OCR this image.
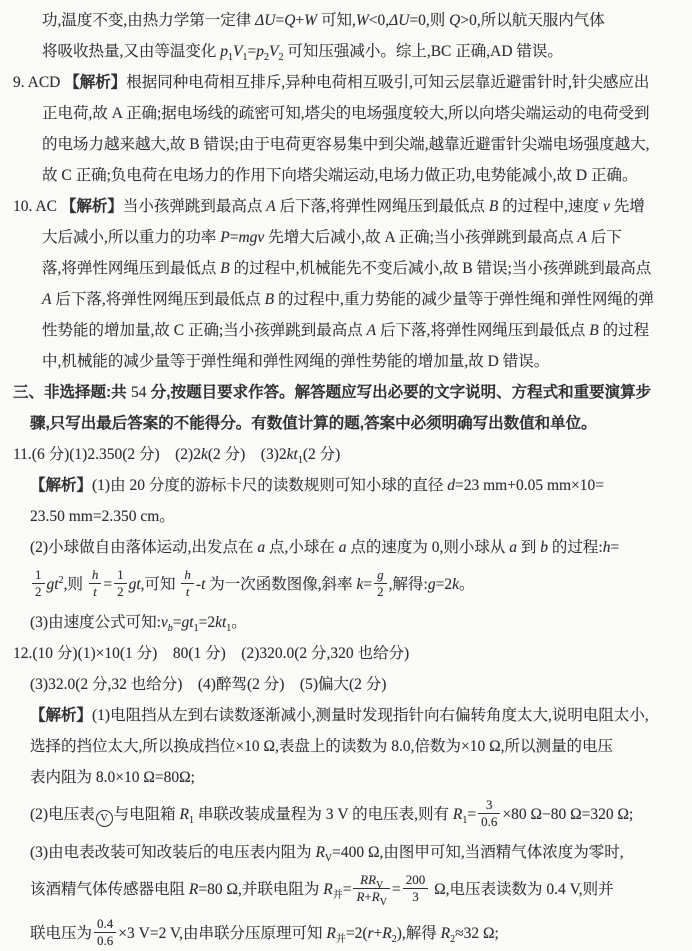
功,温度不变,由热力学第一定律 ΔU=Q+W 可知,W<0,ΔU=0,则 Q>0,所以航天服内气体
将吸收热量,又由等温变化 $p_1V_1=p_2V_2$ 可知压强减小。综上,BC 正确,AD 错误。
9. ACD 【解析】根据同种电荷相互排斥,异种电荷相互吸引,可知云层靠近避雷针时,针尖感应出
正电荷,故 A 正确;据电场线的疏密可知,塔尖的电场强度较大,所以向塔尖端运动的电荷受到
的电场力越来越大,故 B 错误;由于电荷更容易集中到尖端,越靠近避雷针尖端电场强度越大,
故 C 正确;负电荷在电场力的作用下向塔尖端运动,电场力做正功,电势能减小,故 D 正确。
10. AC 【解析】当小孩弹跳到最高点 A 后下落,将弹性网绳压到最低点 B 的过程中,速度 v 先增
大后减小,所以重力的功率 P=mgv 先增大后减小,故 A 正确;当小孩弹跳到最高点 A 后下
落,将弹性网绳压到最低点 B 的过程中,机械能先不变后减小,故 B 错误;当小孩弹跳到最高点
A 后下落,将弹性网绳压到最低点 B 的过程中,重力势能的减少量等于弹性绳和弹性网绳的弹
性势能的增加量,故 C 正确;当小孩弹跳到最高点 A 后下落,将弹性网绳压到最低点 B 的过程
中,机械能的减少量等于弹性绳和弹性网绳的弹性势能的增加量,故 D 错误。
三、非选择题:共 54 分,按题目要求作答。解答题应写出必要的文字说明、方程式和重要演算步
骤,只写出最后答案的不能得分。有数值计算的题,答案中必须明确写出数值和单位。
11.(6 分)(1)2.350(2 分)  (2)2k(2 分)  $(3)2kt_1(2$ 分)
【解析】(1)由 20 分度的游标卡尺的读数规则可知小球的直径 d=23 mm+0.05 mm×10=
23.50 mm=2.350 cm。
(2)小球做自由落体运动,出发点在 a 点,小球在 a 点的速度为 0,则小球从 a 到 b 的过程:h=
$\frac{1}{2} gt^2$,则 $\frac{h}{t} = \frac{1}{2}$ gt,可知 $\frac{h}{t} -t$ 为一次函数图像,斜率 $k= \frac{g}{2}$ ,解得:g=2k。
(3)由速度公式可知$:v_b=gt_1=2kt_1$。
12.(10 分)(1)×10(1 分)  80(1 分)  (2)320.0(2 分,320 也给分)
(3)32.0(2 分,32 也给分)  (4)醉驾(2 分)  (5)偏大(2 分)
【解析】(1)电阻挡从左到右读数逐渐减小,测量时发现指针向右偏转角度太大,说明电阻太小,
选择的挡位太大,所以换成挡位×10 Ω,表盘上的读数为 8.0,倍数为×10 Ω,所以测量的电压
表内阻为 8.0×10 Ω=80Ω;
(2)电压表 V 与电阻箱 $R_1$ 串联改装成量程为 3 V 的电压表,则有 $R_1= \frac{3}{0.6} \times 80$ Ω−80 Ω=320 Ω;
(3)由电表改装可知改装后的电压表内阻为 $R_V=400$ Ω,由图甲可知,当酒精气体浓度为零时,
该酒精气体传感器电阻 R=80 Ω,并联电阻为 $R_并= \frac{RR_V}{R+R_V} = \frac{200}{3} \Omega$,电压表读数为 0.4 V,则并
联电压为 $\frac{0.4}{0.6} \times 3$ V=2 V,由串联分压原理可知 $R_并=2(r+R_2)$,解得 $R_2\approx 32$ Ω;
